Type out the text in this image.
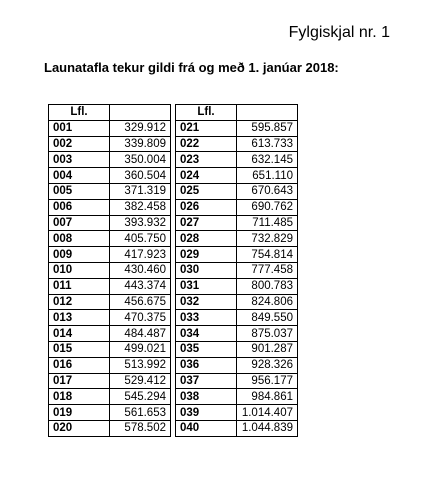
Fylgiskjal nr. 1
Launatafla tekur gildi frá og með 1. janúar 2018:
Lfl.			Lfl.	
001	329.912		021	595.857
002	339.809		022	613.733
003	350.004		023	632.145
004	360.504		024	651.110
005	371.319		025	670.643
006	382.458		026	690.762
007	393.932		027	711.485
008	405.750		028	732.829
009	417.923		029	754.814
010	430.460		030	777.458
011	443.374		031	800.783
012	456.675		032	824.806
013	470.375		033	849.550
014	484.487		034	875.037
015	499.021		035	901.287
016	513.992		036	928.326
017	529.412		037	956.177
018	545.294		038	984.861
019	561.653		039	1.014.407
020	578.502		040	1.044.839
